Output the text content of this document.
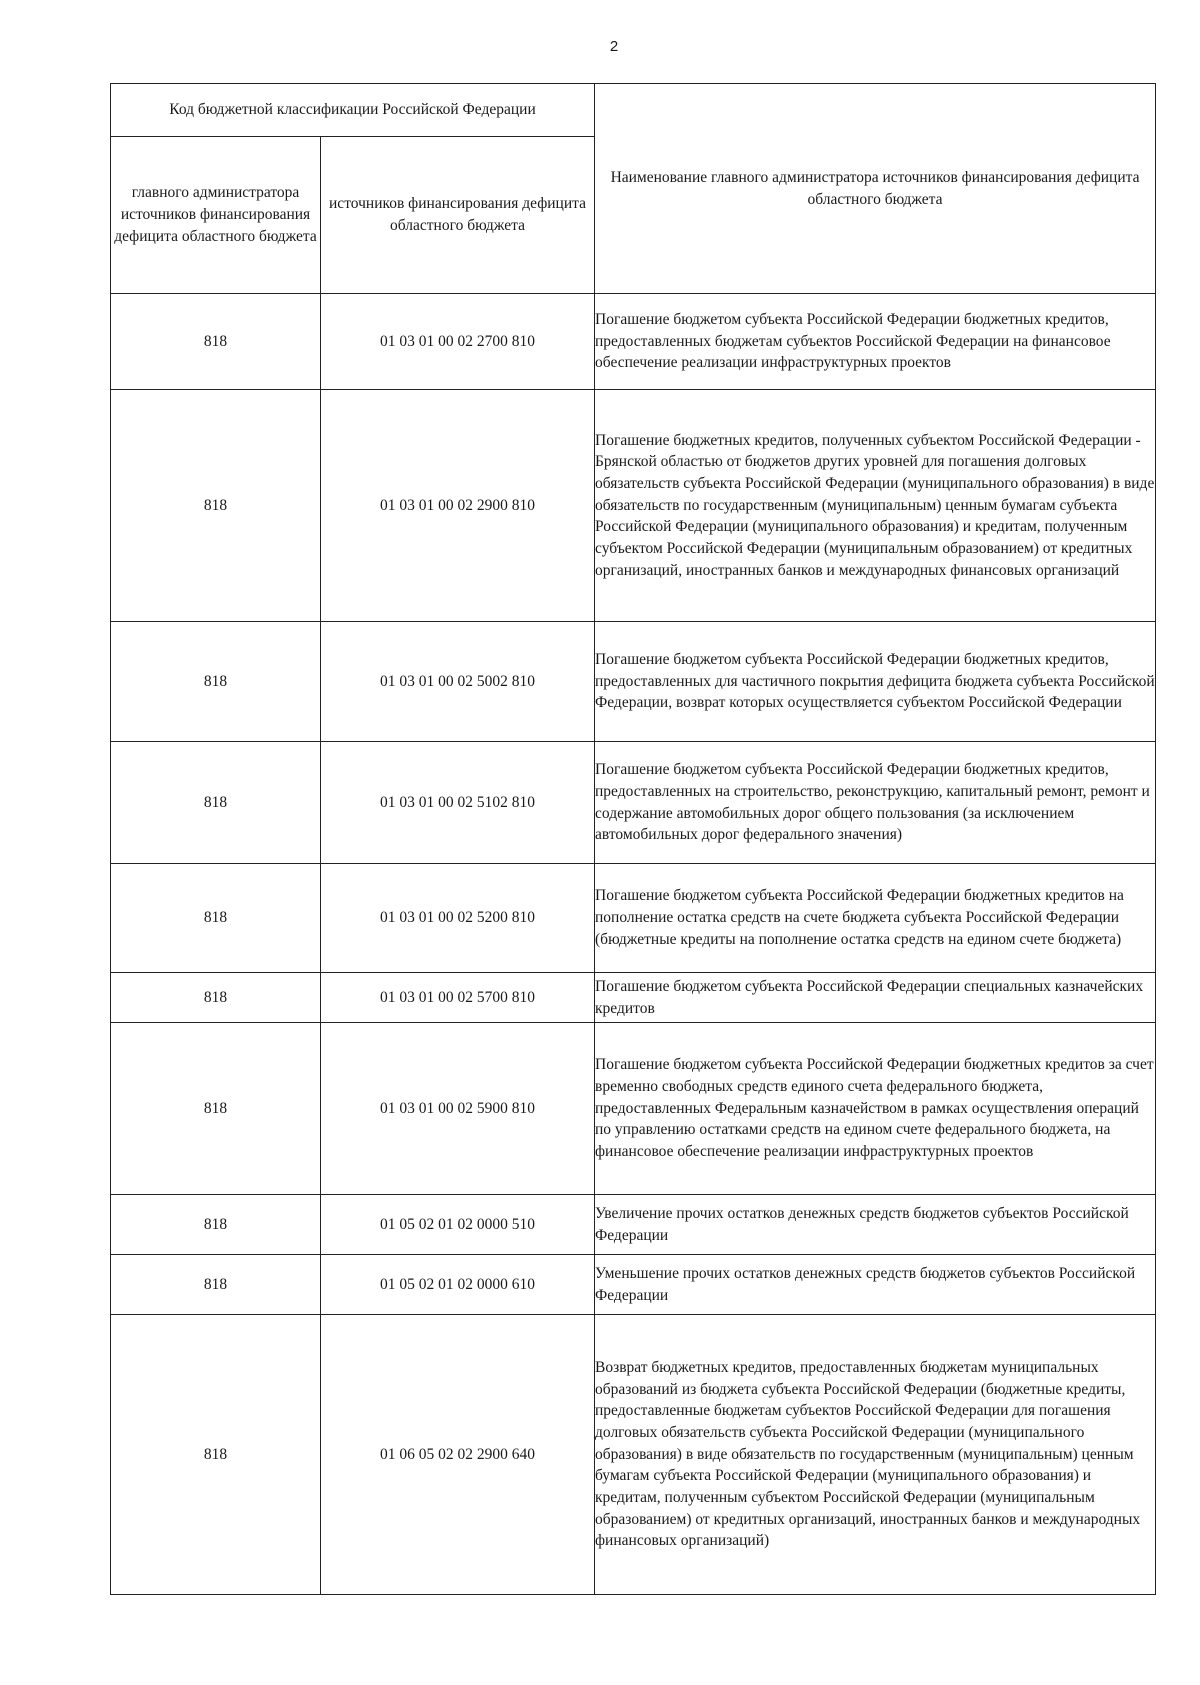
2
Код бюджетной классификации Российской Федерации		Наименование главного администратора источников финансирования дефицита областного бюджета
главного администратора источников финансирования дефицита областного бюджета	источников финансирования дефицита областного бюджета	
818	01 03 01 00 02 2700 810	Погашение бюджетом субъекта Российской Федерации бюджетных кредитов, предоставленных бюджетам субъектов Российской Федерации на финансовое обеспечение реализации инфраструктурных проектов
818	01 03 01 00 02 2900 810	Погашение бюджетных кредитов, полученных субъектом Российской Федерации - Брянской областью от бюджетов других уровней для погашения долговых обязательств субъекта Российской Федерации (муниципального образования) в виде обязательств по государственным (муниципальным) ценным бумагам субъекта Российской Федерации (муниципального образования) и кредитам, полученным субъектом Российской Федерации (муниципальным образованием) от кредитных организаций, иностранных банков и международных финансовых организаций
818	01 03 01 00 02 5002 810	Погашение бюджетом субъекта Российской Федерации бюджетных кредитов, предоставленных для частичного покрытия дефицита бюджета субъекта Российской Федерации, возврат которых осуществляется субъектом Российской Федерации
818	01 03 01 00 02 5102 810	Погашение бюджетом субъекта Российской Федерации бюджетных кредитов, предоставленных на строительство, реконструкцию, капитальный ремонт, ремонт и содержание автомобильных дорог общего пользования (за исключением автомобильных дорог федерального значения)
818	01 03 01 00 02 5200 810	Погашение бюджетом субъекта Российской Федерации бюджетных кредитов на пополнение остатка средств на счете бюджета субъекта Российской Федерации (бюджетные кредиты на пополнение остатка средств на едином счете бюджета)
818	01 03 01 00 02 5700 810	Погашение бюджетом субъекта Российской Федерации специальных казначейских кредитов
818	01 03 01 00 02 5900 810	Погашение бюджетом субъекта Российской Федерации бюджетных кредитов за счет временно свободных средств единого счета федерального бюджета, предоставленных Федеральным казначейством в рамках осуществления операций по управлению остатками средств на едином счете федерального бюджета, на финансовое обеспечение реализации инфраструктурных проектов
818	01 05 02 01 02 0000 510	Увеличение прочих остатков денежных средств бюджетов субъектов Российской Федерации
818	01 05 02 01 02 0000 610	Уменьшение прочих остатков денежных средств бюджетов субъектов Российской Федерации
818	01 06 05 02 02 2900 640	Возврат бюджетных кредитов, предоставленных бюджетам муниципальных образований из бюджета субъекта Российской Федерации (бюджетные кредиты, предоставленные бюджетам субъектов Российской Федерации для погашения долговых обязательств субъекта Российской Федерации (муниципального образования) в виде обязательств по государственным (муниципальным) ценным бумагам субъекта Российской Федерации (муниципального образования) и кредитам, полученным субъектом Российской Федерации (муниципальным образованием) от кредитных организаций, иностранных банков и международных финансовых организаций)
